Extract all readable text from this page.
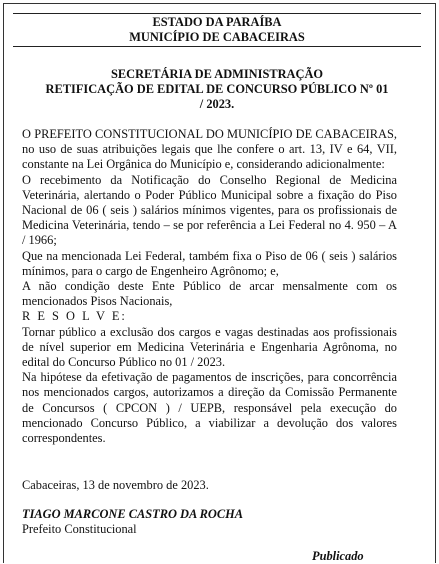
ESTADO DA PARAÍBA
MUNICÍPIO DE CABACEIRAS
SECRETÁRIA DE ADMINISTRAÇÃO
RETIFICAÇÃO DE EDITAL DE CONCURSO PÚBLICO Nº 01
/ 2023.

O PREFEITO CONSTITUCIONAL DO MUNICÍPIO DE CABACEIRAS, no uso de suas atribuições legais que lhe confere o art. 13, IV e 64, VII, constante na Lei Orgânica do Município e, considerando adicionalmente:

O recebimento da Notificação do Conselho Regional de Medicina Veterinária, alertando o Poder Público Municipal sobre a fixação do Piso Nacional de 06 ( seis ) salários mínimos vigentes, para os profissionais de Medicina Veterinária, tendo – se por referência a Lei Federal no 4. 950 – A / 1966;

Que na mencionada Lei Federal, também fixa o Piso de 06 ( seis ) salários mínimos, para o cargo de Engenheiro Agrônomo; e,

A não condição deste Ente Público de arcar mensalmente com os mencionados Pisos Nacionais,

R E S O L V E:

Tornar público a exclusão dos cargos e vagas destinadas aos profissionais de nível superior em Medicina Veterinária e Engenharia Agrônoma, no edital do Concurso Público no 01 / 2023.

Na hipótese da efetivação de pagamentos de inscrições, para concorrência nos mencionados cargos, autorizamos a direção da Comissão Permanente de Concursos ( CPCON ) / UEPB, responsável pela execução do mencionado Concurso Público, a viabilizar a devolução dos valores correspondentes.

Cabaceiras, 13 de novembro de 2023.
TIAGO MARCONE CASTRO DA ROCHA
Prefeito Constitucional
Publicado
